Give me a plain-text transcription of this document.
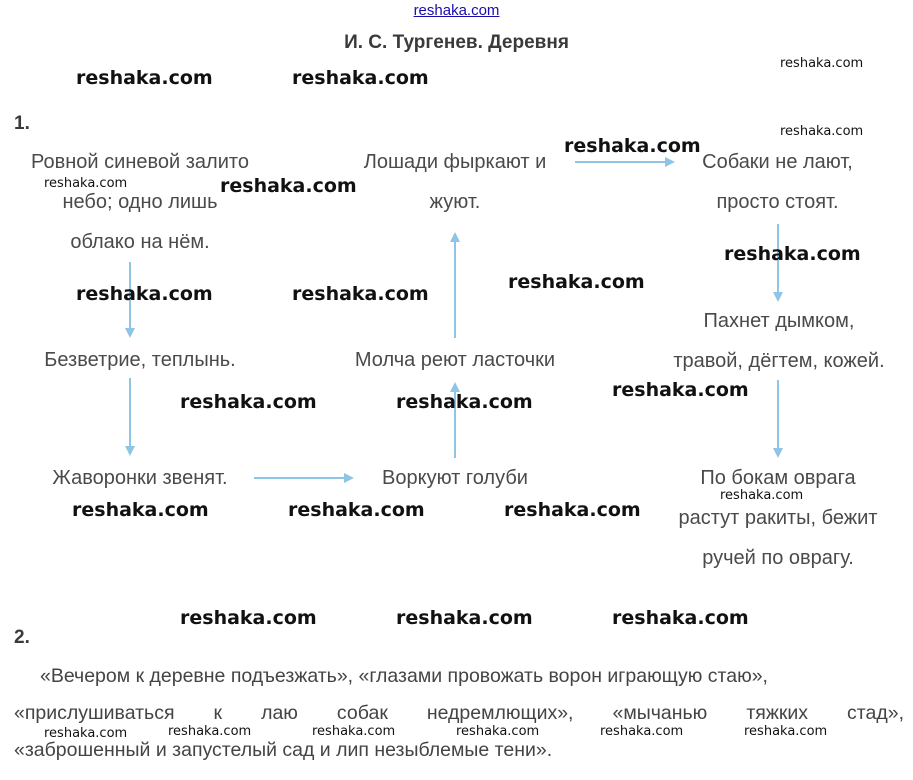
reshaka.com
И. С. Тургенев. Деревня
1.
Ровной синевой залито
небо; одно лишь
облако на нём.
Лошади фыркают и
жуют.
Собаки не лают,
просто стоят.
Безветрие, теплынь.	Молча реют ласточки
Пахнет дымком,
травой, дёгтем, кожей.
Жаворонки звенят.	Воркуют голуби	По бокам оврага
растут ракиты, бежит
ручей по оврагу.
2.

«Вечером к деревне подъезжать», «глазами провожать ворон играющую стаю»,

«прислушиваться к лаю собак недремлющих», «мычанью тяжких стад»,

«заброшенный и запустелый сад и лип незыблемые тени».

reshaka.com	reshaka.com
reshaka.com
reshaka.com
reshaka.com
reshaka.com
reshaka.com	reshaka.com
reshaka.com
reshaka.com	reshaka.com
reshaka.com	reshaka.com	reshaka.com
reshaka.com	reshaka.com	reshaka.com
reshaka.com
reshaka.com
reshaka.com
reshaka.com
reshaka.com	reshaka.com	reshaka.com	reshaka.com	reshaka.com	reshaka.com
